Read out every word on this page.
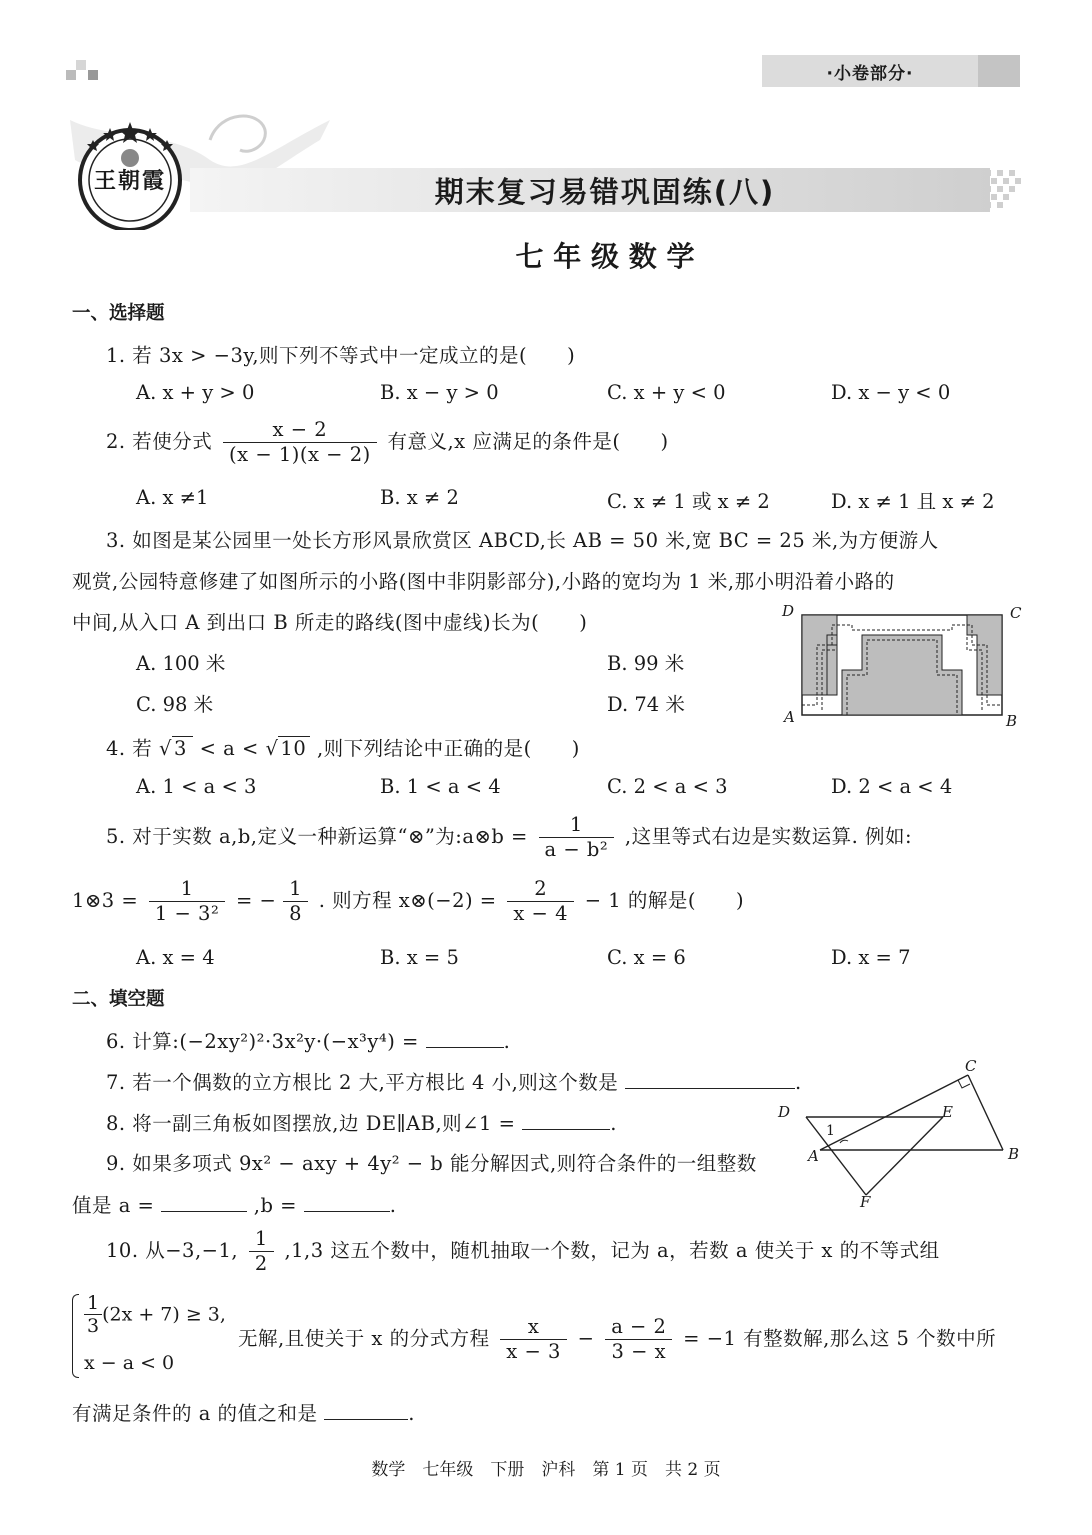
·小卷部分·
期末复习易错巩固练(八)
王朝霞
七 年 级 数 学
一、选择题
1. 若 3x > −3y,则下列不等式中一定成立的是(　　)
A. x + y > 0	B. x − y > 0	C. x + y < 0	D. x − y < 0
2. 若使分式 $\frac{x - 2}{(x - 1)(x - 2)}$ 有意义,x 应满足的条件是(　　)
A. x ≠1	B. x ≠ 2	C. x ≠ 1 或 x ≠ 2	D. x ≠ 1 且 x ≠ 2
3. 如图是某公园里一处长方形风景欣赏区 ABCD,长 AB = 50 米,宽 BC = 25 米,为方便游人
观赏,公园特意修建了如图所示的小路(图中非阴影部分),小路的宽均为 1 米,那小明沿着小路的
中间,从入口 A 到出口 B 所走的路线(图中虚线)长为(　　)
A. 100 米	B. 99 米
C. 98 米	D. 74 米
D	C
A	B
4. 若 √ 3 < a < √ 10 ,则下列结论中正确的是(　　)
A. 1 < a < 3	B. 1 < a < 4	C. 2 < a < 3	D. 2 < a < 4
5. 对于实数 a,b,定义一种新运算“⊗”为:a⊗b = $\frac{1}{\text{a − b²}}$ ,这里等式右边是实数运算. 例如:
1⊗3 = $\frac{1}{\text{1 − 3²}}$ = − $\frac{1}{8}$ . 则方程 x⊗(−2) = $\frac{2}{x - 4} - 1$ 的解是(　　)
A. x = 4	B. x = 5	C. x = 6	D. x = 7
二、填空题
6. 计算:(−2xy²)²·3x²y·(−x³y⁴) =	.
7. 若一个偶数的立方根比 2 大,平方根比 4 小,则这个数是	.
8. 将一副三角板如图摆放,边 DE∥AB,则∠1 =	.	D	E
C
A	B
F
1
9. 如果多项式 9x² − axy + 4y² − b 能分解因式,则符合条件的一组整数
值是 a =	,b =	.
10. 从−3,−1, $\frac{1}{2} ,1,3$ 这五个数中，随机抽取一个数，记为 a，若数 a 使关于 x 的不等式组
$\frac{1}{3} (2x + 7) \ge 3$,
x − a < 0
无解,且使关于 x 的分式方程 $\frac{x}{x - 3} - \frac{a - 2}{3 - x} = -1$ 有整数解,那么这 5 个数中所
有满足条件的 a 的值之和是	.
数学　七年级　下册　沪科　第 1 页　共 2 页
